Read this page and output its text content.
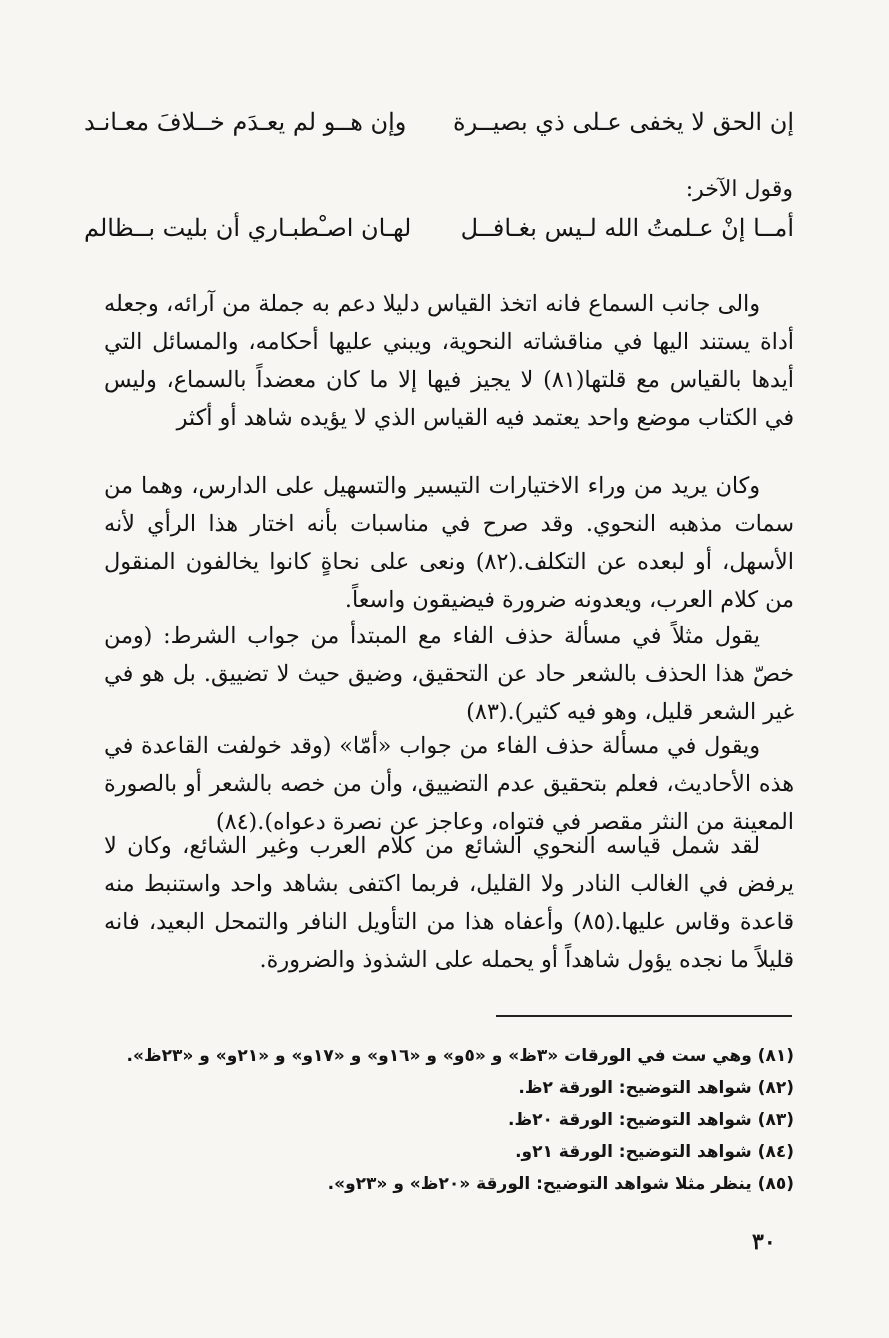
إن الحق لا يخفى عـلى ذي بصيــرة
وإن هــو لم يعـدَم خــلافَ معـانـد
وقول الآخر:
أمــا إنْ عـلمتُ الله لـيس بغـافــل
لهـان اصـْطبـاري أن بليت بــظالم

والى جانب السماع فانه اتخذ القياس دليلا دعم به جملة من آرائه، وجعله أداة يستند اليها في مناقشاته النحوية، ويبني عليها أحكامه، والمسائل التي أيدها بالقياس مع قلتها(٨١) لا يجيز فيها إلا ما كان معضداً بالسماع، وليس في الكتاب موضع واحد يعتمد فيه القياس الذي لا يؤيده شاهد أو أكثر

وكان يريد من وراء الاختيارات التيسير والتسهيل على الدارس، وهما من سمات مذهبه النحوي. وقد صرح في مناسبات بأنه اختار هذا الرأي لأنه الأسهل، أو لبعده عن التكلف.(٨٢) ونعى على نحاةٍ كانوا يخالفون المنقول من كلام العرب، ويعدونه ضرورة فيضيقون واسعاً.

يقول مثلاً في مسألة حذف الفاء مع المبتدأ من جواب الشرط: (ومن خصّ هذا الحذف بالشعر حاد عن التحقيق، وضيق حيث لا تضييق. بل هو في غير الشعر قليل، وهو فيه كثير).(٨٣)

ويقول في مسألة حذف الفاء من جواب «أمّا» (وقد خولفت القاعدة في هذه الأحاديث، فعلم بتحقيق عدم التضييق، وأن من خصه بالشعر أو بالصورة المعينة من النثر مقصر في فتواه، وعاجز عن نصرة دعواه).(٨٤)

لقد شمل قياسه النحوي الشائع من كلام العرب وغير الشائع، وكان لا يرفض في الغالب النادر ولا القليل، فربما اكتفى بشاهد واحد واستنبط منه قاعدة وقاس عليها.(٨٥) وأعفاه هذا من التأويل النافر والتمحل البعيد، فانه قليلاً ما نجده يؤول شاهداً أو يحمله على الشذوذ والضرورة.

(٨١) وهي ست في الورقات «٣ظ» و «٥و» و «١٦و» و «١٧و» و «٢١و» و «٢٣ظ».
(٨٢) شواهد التوضيح: الورقة ٢ظ.
(٨٣) شواهد التوضيح: الورقة ٢٠ظ.
(٨٤) شواهد التوضيح: الورقة ٢١و.
(٨٥) ينظر مثلا شواهد التوضيح: الورقة «٢٠ظ» و «٢٣و».
٣٠
